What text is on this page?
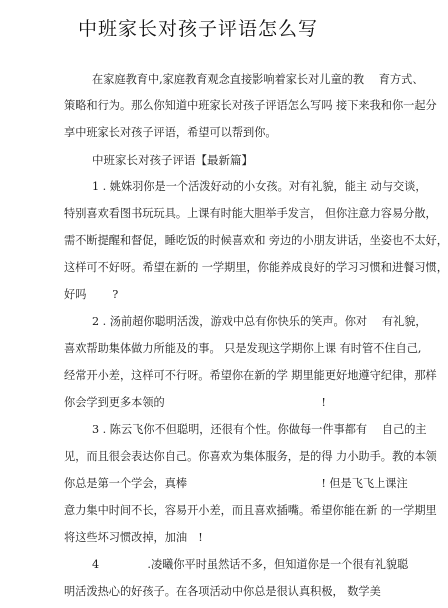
中班家长对孩子评语怎么写
在家庭教育中,家庭教育观念直接影响着家长对儿童的教　 育方式、
策略和行为。那么你知道中班家长对孩子评语怎么写吗 接下来我和你一起分
享中班家长对孩子评语，希望可以帮到你。
中班家长对孩子评语【最新篇】
1 . 姚姝羽你是一个活泼好动的小女孩。对有礼貌，能主 动与交谈，
特别喜欢看图书玩玩具。上课有时能大胆举手发言， 但你注意力容易分散，
需不断提醒和督促，睡吃饭的时候喜欢和 旁边的小朋友讲话，坐姿也不太好，
这样可不好呀。希望在新的 一学期里，你能养成良好的学习习惯和进餐习惯，
好吗　　 ?
2 . 汤前超你聪明活泼，游戏中总有你快乐的笑声。你对 　有礼貌，
喜欢帮助集体做力所能及的事。 只是发现这学期你上课 有时管不住自己,
经常开小差，这样可不行呀。希望你在新的学 期里能更好地遵守纪律，那样
你会学到更多本领的　　　　　　　　　　　　　　!
3 . 陈云飞你不但聪明，还很有个性。你做每一件事都有 　自己的主
见，而且很会表达你自己。你喜欢为集体服务，是的得 力小助手。教的本领
你总是第一个学会，真棒　　　　　　　　　　　　! 但是飞飞上课注
意力集中时间不长，容易开小差，而且喜欢插嘴。希望你能在新 的一学期里
将这些坏习惯改掉，加油　!
4　　　　 .凌曦你平时虽然话不多，但知道你是一个很有礼貌聪
明活泼热心的好孩子。在各项活动中你总是很认真积极， 数学美
